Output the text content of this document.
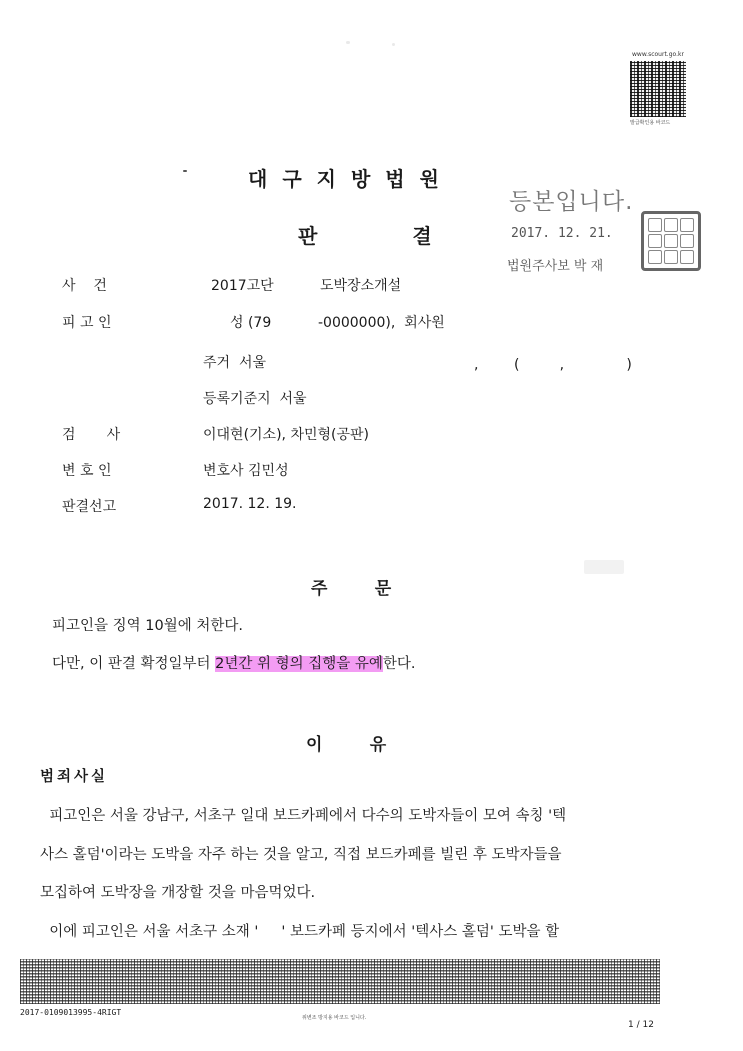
www.scourt.go.kr
발급확인용 바코드
대구지방법원
판결
등본입니다.
2017. 12. 21.
법원주사보 박 재
사    건	2017고단	도박장소개설
피 고 인	성 (79	-0000000),  회사원
주거  서울	,        (         ,              )
등록기준지  서울
검       사	이대현(기소), 차민형(공판)
변 호 인	변호사 김민성
판결선고	2017. 12. 19.
주        문
피고인을 징역 10월에 처한다.
다만, 이 판결 확정일부터 2년간 위 형의 집행을 유예한다.
이        유
범죄사실
피고인은 서울 강남구, 서초구 일대 보드카페에서 다수의 도박자들이 모여 속칭 '텍
사스 홀덤'이라는 도박을 자주 하는 것을 알고, 직접 보드카페를 빌린 후 도박자들을
모집하여 도박장을 개장할 것을 마음먹었다.
이에 피고인은 서울 서초구 소재 '     ' 보드카페 등지에서 '텍사스 홀덤' 도박을 할
2017-0109013995-4RIGT
위변조 방지용 바코드 입니다.
1 / 12
